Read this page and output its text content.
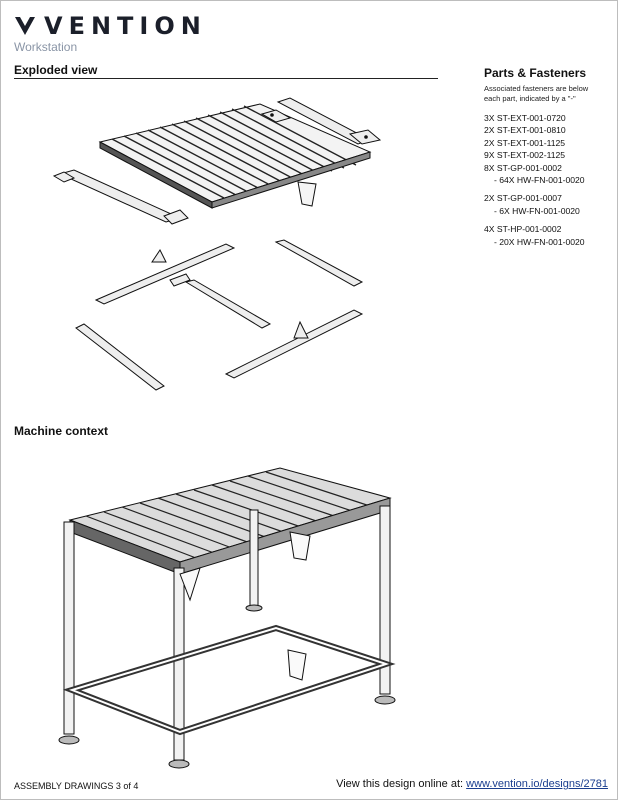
VENTION
Workstation
Exploded view	Parts & Fasteners
Associated fasteners are below each part, indicated by a "-"
3X ST-EXT-001-0720
2X ST-EXT-001-0810
2X ST-EXT-001-1125
9X ST-EXT-002-1125
8X ST-GP-001-0002
- 64X HW-FN-001-0020
2X ST-GP-001-0007
- 6X HW-FN-001-0020
4X ST-HP-001-0002
- 20X HW-FN-001-0020
Machine context
ASSEMBLY DRAWINGS 3 of 4	View this design online at: www.vention.io/designs/2781
